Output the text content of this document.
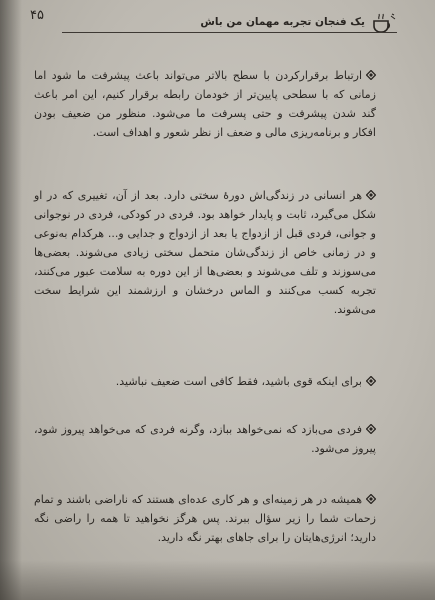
یک فنجان تجربه مهمان من باش
۴۵
ارتباط برقرارکردن با سطح بالاتر می‌تواند باعث پیشرفت ما شود اما زمانی که با سطحی پایین‌تر از خودمان رابطه برقرار کنیم، این امر باعث گند شدن پیشرفت و حتی پسرفت ما می‌شود. منظور من ضعیف بودن افکار و برنامه‌ریزی مالی و ضعف از نظر شعور و اهداف است.
هر انسانی در زندگی‌اش دورهٔ سختی دارد. بعد از آن، تغییری که در او شکل می‌گیرد، ثابت و پایدار خواهد بود. فردی در کودکی، فردی در نوجوانی و جوانی، فردی قبل از ازدواج یا بعد از ازدواج و جدایی و... هرکدام به‌نوعی و در زمانی خاص از زندگی‌شان متحمل سختی زیادی می‌شوند. بعضی‌ها می‌سوزند و تلف می‌شوند و بعضی‌ها از این دوره به سلامت عبور می‌کنند، تجربه کسب می‌کنند و الماس درخشان و ارزشمند این شرایط سخت می‌شوند.
برای اینکه قوی باشید، فقط کافی است ضعیف نباشید.
فردی می‌بازد که نمی‌خواهد ببازد، وگرنه فردی که می‌خواهد پیروز شود، پیروز می‌شود.
همیشه در هر زمینه‌ای و هر کاری عده‌ای هستند که ناراضی باشند و تمام زحمات شما را زیر سؤال ببرند. پس هرگز نخواهید تا همه را راضی نگه دارید؛ انرژی‌هایتان را برای جاهای بهتر نگه دارید.
